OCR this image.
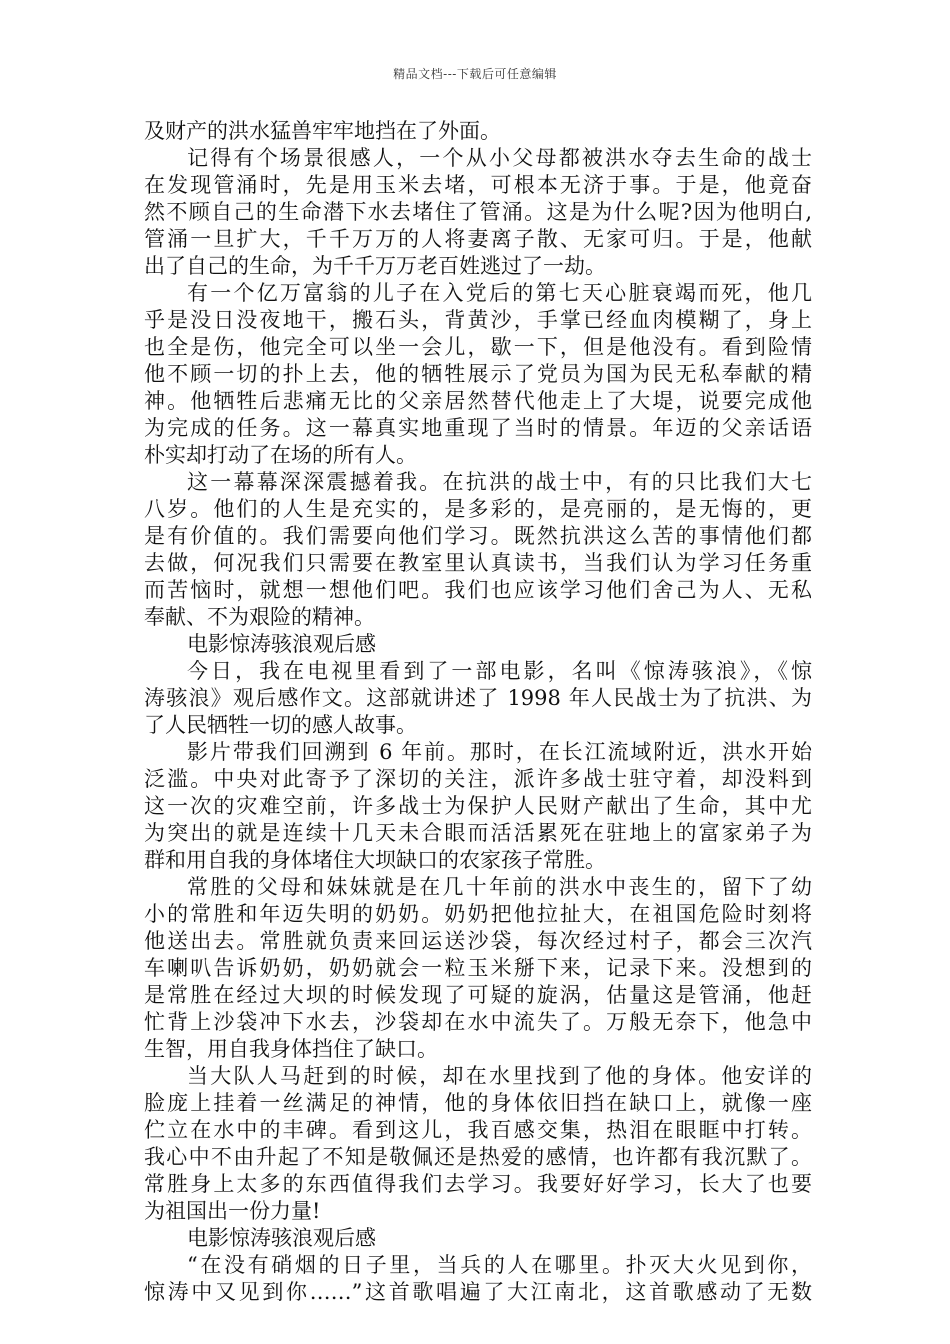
精品文档---下载后可任意编辑
及财产的洪水猛兽牢牢地挡在了外面。
记得有个场景很感人，一个从小父母都被洪水夺去生命的战士
在发现管涌时，先是用玉米去堵，可根本无济于事。于是，他竟奋
然不顾自己的生命潜下水去堵住了管涌。这是为什么呢?因为他明白,
管涌一旦扩大，千千万万的人将妻离子散、无家可归。于是，他献
出了自己的生命，为千千万万老百姓逃过了一劫。
有一个亿万富翁的儿子在入党后的第七天心脏衰竭而死，他几
乎是没日没夜地干，搬石头，背黄沙，手掌已经血肉模糊了，身上
也全是伤，他完全可以坐一会儿，歇一下，但是他没有。看到险情
他不顾一切的扑上去，他的牺牲展示了党员为国为民无私奉献的精
神。他牺牲后悲痛无比的父亲居然替代他走上了大堤，说要完成他
为完成的任务。这一幕真实地重现了当时的情景。年迈的父亲话语
朴实却打动了在场的所有人。
这一幕幕深深震撼着我。在抗洪的战士中，有的只比我们大七
八岁。他们的人生是充实的，是多彩的，是亮丽的，是无悔的，更
是有价值的。我们需要向他们学习。既然抗洪这么苦的事情他们都
去做，何况我们只需要在教室里认真读书，当我们认为学习任务重
而苦恼时，就想一想他们吧。我们也应该学习他们舍己为人、无私
奉献、不为艰险的精神。
电影惊涛骇浪观后感
今日，我在电视里看到了一部电影，名叫《惊涛骇浪》，《惊
涛骇浪》观后感作文。这部就讲述了 1998 年人民战士为了抗洪、为
了人民牺牲一切的感人故事。
影片带我们回溯到 6 年前。那时，在长江流域附近，洪水开始
泛滥。中央对此寄予了深切的关注，派许多战士驻守着，却没料到
这一次的灾难空前，许多战士为保护人民财产献出了生命，其中尤
为突出的就是连续十几天未合眼而活活累死在驻地上的富家弟子为
群和用自我的身体堵住大坝缺口的农家孩子常胜。
常胜的父母和妹妹就是在几十年前的洪水中丧生的，留下了幼
小的常胜和年迈失明的奶奶。奶奶把他拉扯大，在祖国危险时刻将
他送出去。常胜就负责来回运送沙袋，每次经过村子，都会三次汽
车喇叭告诉奶奶，奶奶就会一粒玉米掰下来，记录下来。没想到的
是常胜在经过大坝的时候发现了可疑的旋涡，估量这是管涌，他赶
忙背上沙袋冲下水去，沙袋却在水中流失了。万般无奈下，他急中
生智，用自我身体挡住了缺口。
当大队人马赶到的时候，却在水里找到了他的身体。他安详的
脸庞上挂着一丝满足的神情，他的身体依旧挡在缺口上，就像一座
伫立在水中的丰碑。看到这儿，我百感交集，热泪在眼眶中打转。
我心中不由升起了不知是敬佩还是热爱的感情，也许都有我沉默了。
常胜身上太多的东西值得我们去学习。我要好好学习，长大了也要
为祖国出一份力量!
电影惊涛骇浪观后感
“在没有硝烟的日子里，当兵的人在哪里。扑灭大火见到你，
惊涛中又见到你……”这首歌唱遍了大江南北，这首歌感动了无数
